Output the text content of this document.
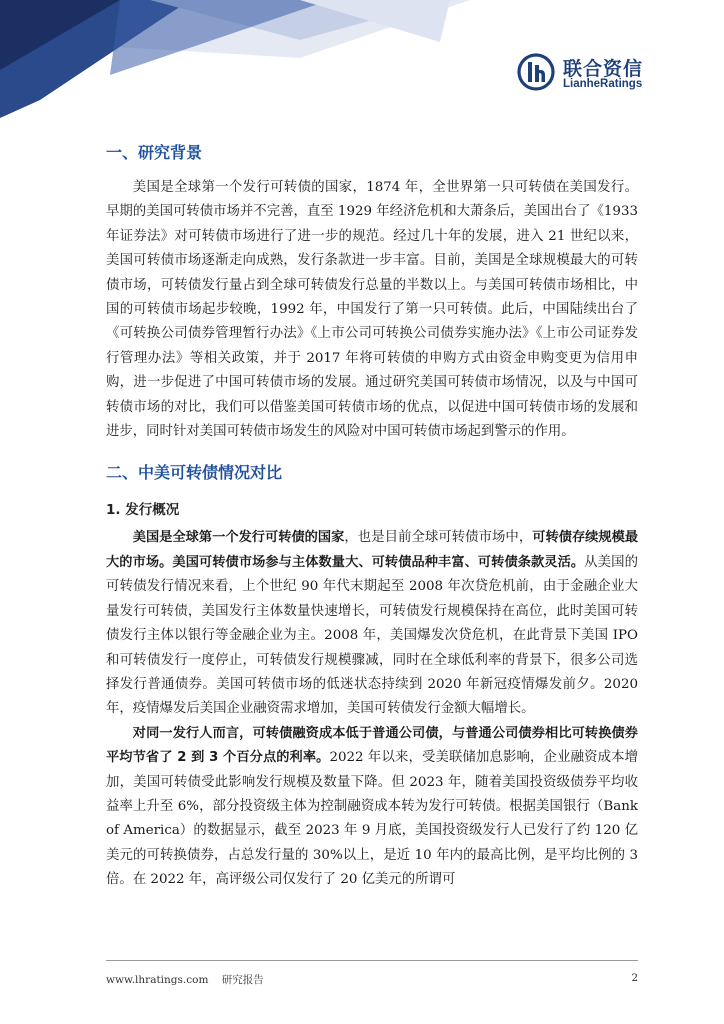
联合资信
LianheRatings
一、研究背景

美国是全球第一个发行可转债的国家，1874 年，全世界第一只可转债在美国发行。早期的美国可转债市场并不完善，直至 1929 年经济危机和大萧条后，美国出台了《1933 年证券法》对可转债市场进行了进一步的规范。经过几十年的发展，进入 21 世纪以来，美国可转债市场逐渐走向成熟，发行条款进一步丰富。目前，美国是全球规模最大的可转债市场，可转债发行量占到全球可转债发行总量的半数以上。与美国可转债市场相比，中国的可转债市场起步较晚，1992 年，中国发行了第一只可转债。此后，中国陆续出台了《可转换公司债券管理暂行办法》《上市公司可转换公司债券实施办法》《上市公司证券发行管理办法》等相关政策，并于 2017 年将可转债的申购方式由资金申购变更为信用申购，进一步促进了中国可转债市场的发展。通过研究美国可转债市场情况，以及与中国可转债市场的对比，我们可以借鉴美国可转债市场的优点，以促进中国可转债市场的发展和进步，同时针对美国可转债市场发生的风险对中国可转债市场起到警示的作用。

二、中美可转债情况对比
1. 发行概况

美国是全球第一个发行可转债的国家，也是目前全球可转债市场中，可转债存续规模最大的市场。美国可转债市场参与主体数量大、可转债品种丰富、可转债条款灵活。从美国的可转债发行情况来看，上个世纪 90 年代末期起至 2008 年次贷危机前，由于金融企业大量发行可转债，美国发行主体数量快速增长，可转债发行规模保持在高位，此时美国可转债发行主体以银行等金融企业为主。2008 年，美国爆发次贷危机，在此背景下美国 IPO 和可转债发行一度停止，可转债发行规模骤减，同时在全球低利率的背景下，很多公司选择发行普通债券。美国可转债市场的低迷状态持续到 2020 年新冠疫情爆发前夕。2020 年，疫情爆发后美国企业融资需求增加，美国可转债发行金额大幅增长。

对同一发行人而言，可转债融资成本低于普通公司债，与普通公司债券相比可转换债券平均节省了 2 到 3 个百分点的利率。2022 年以来，受美联储加息影响，企业融资成本增加，美国可转债受此影响发行规模及数量下降。但 2023 年，随着美国投资级债券平均收益率上升至 6%，部分投资级主体为控制融资成本转为发行可转债。根据美国银行（Bank of America）的数据显示，截至 2023 年 9 月底，美国投资级发行人已发行了约 120 亿美元的可转换债券，占总发行量的 30%以上，是近 10 年内的最高比例，是平均比例的 3 倍。在 2022 年，高评级公司仅发行了 20 亿美元的所谓可

www.lhratings.com 研究报告	2
